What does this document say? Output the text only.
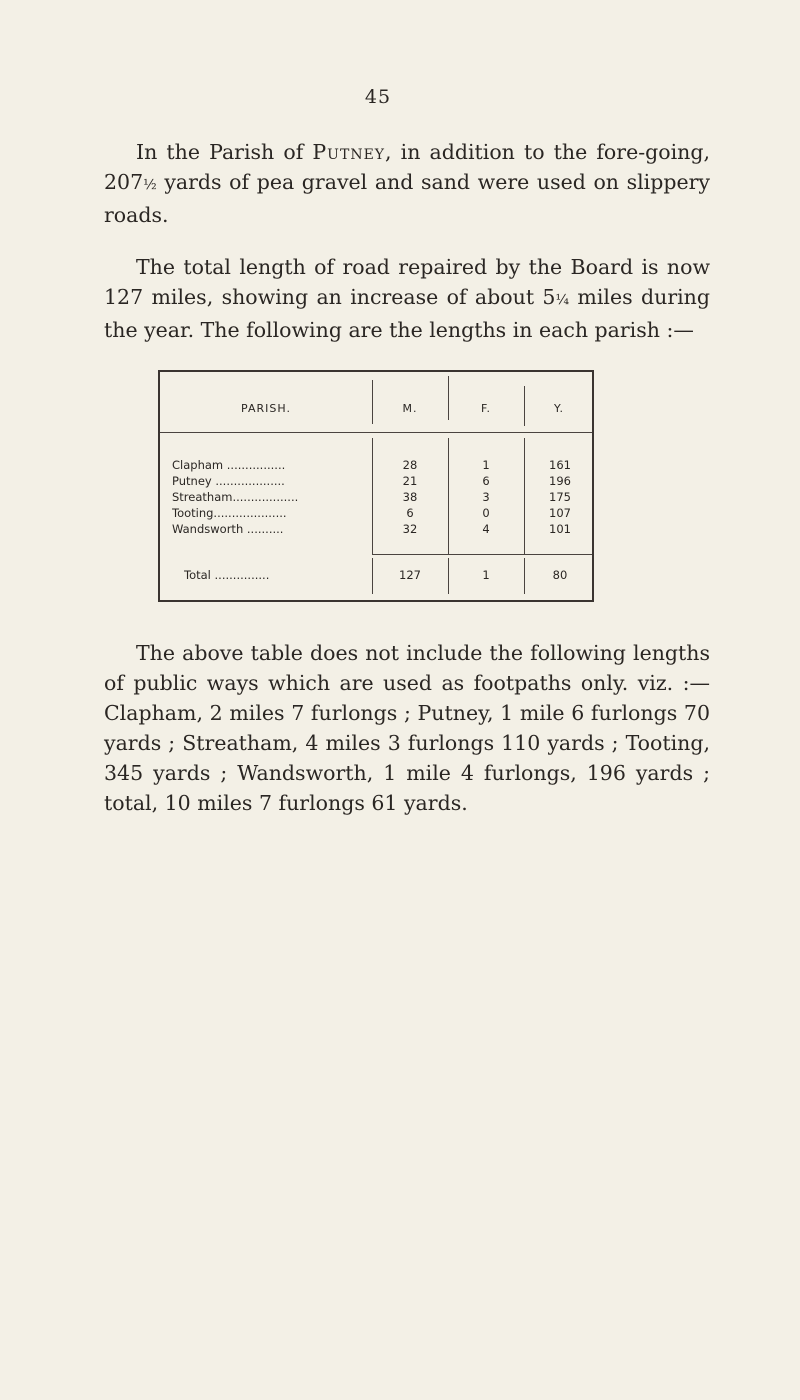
45

In the Parish of Putney, in addition to the fore-going, 207½ yards of pea gravel and sand were used on slippery roads.

The total length of road repaired by the Board is now 127 miles, showing an increase of about 5¼ miles during the year. The following are the lengths in each parish :—

PARISH.	M.	F.	Y.
Clapham ................	28	1	161
Putney ...................	21	6	196
Streatham..................	38	3	175
Tooting....................	6	0	107
Wandsworth ..........	32	4	101
Total ...............	127	1	80

The above table does not include the following lengths of public ways which are used as footpaths only. viz. :— Clapham, 2 miles 7 furlongs ; Putney, 1 mile 6 furlongs 70 yards ; Streatham, 4 miles 3 furlongs 110 yards ; Tooting, 345 yards ; Wandsworth, 1 mile 4 furlongs, 196 yards ; total, 10 miles 7 furlongs 61 yards.
